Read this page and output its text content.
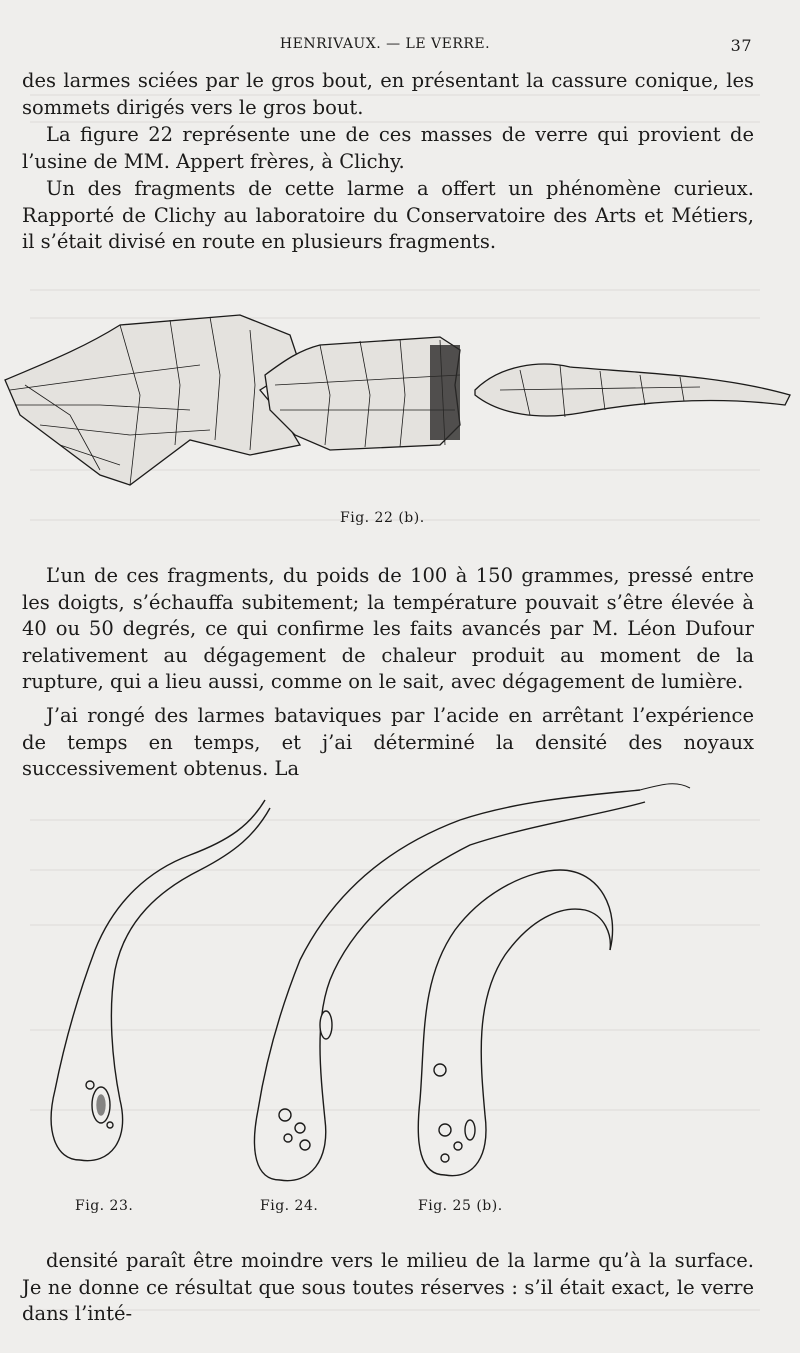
HENRIVAUX. — LE VERRE.	37

des larmes sciées par le gros bout, en présentant la cassure conique, les sommets dirigés vers le gros bout.

La figure 22 représente une de ces masses de verre qui provient de l’usine de MM. Appert frères, à Clichy.

Un des fragments de cette larme a offert un phénomène curieux. Rapporté de Clichy au laboratoire du Conservatoire des Arts et Métiers, il s’était divisé en route en plusieurs fragments.

Fig. 22 (b).

L’un de ces fragments, du poids de 100 à 150 grammes, pressé entre les doigts, s’échauffa subitement; la température pouvait s’être élevée à 40 ou 50 degrés, ce qui confirme les faits avancés par M. Léon Dufour relativement au dégagement de chaleur produit au moment de la rupture, qui a lieu aussi, comme on le sait, avec dégagement de lumière.

J’ai rongé des larmes bataviques par l’acide en arrêtant l’expérience de temps en temps, et j’ai déterminé la densité des noyaux successivement obtenus. La

Fig. 23.	Fig. 24.	Fig. 25 (b).

densité paraît être moindre vers le milieu de la larme qu’à la surface. Je ne donne ce résultat que sous toutes réserves : s’il était exact, le verre dans l’inté-
